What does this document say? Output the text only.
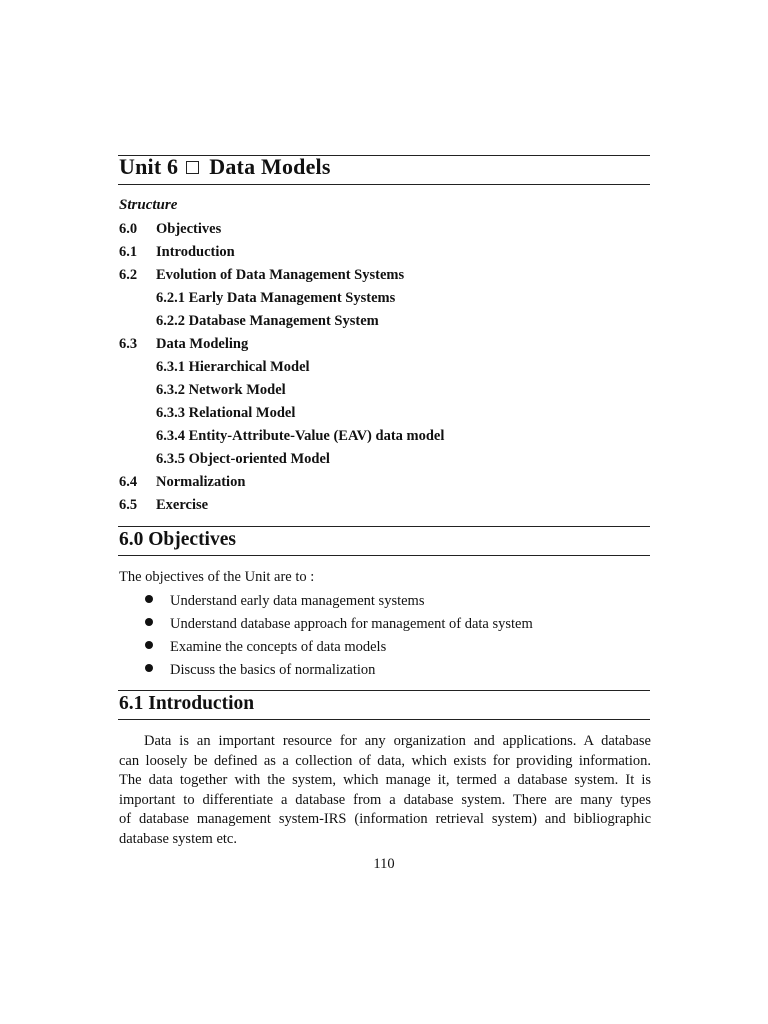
Unit 6 Data Models
Structure
6.0 Objectives
6.1 Introduction
6.2 Evolution of Data Management Systems
6.2.1 Early Data Management Systems
6.2.2 Database Management System
6.3 Data Modeling
6.3.1 Hierarchical Model
6.3.2 Network Model
6.3.3 Relational Model
6.3.4 Entity-Attribute-Value (EAV) data model
6.3.5 Object-oriented Model
6.4 Normalization
6.5 Exercise
6.0 Objectives
The objectives of the Unit are to :
Understand early data management systems
Understand database approach for management of data system
Examine the concepts of data models
Discuss the basics of normalization
6.1 Introduction
Data is an important resource for any organization and applications. A database
can loosely be defined as a collection of data, which exists for providing information.
The data together with the system, which manage it, termed a database system. It is
important to differentiate a database from a database system. There are many types
of database management system-IRS (information retrieval system) and bibliographic
database system etc.
110
